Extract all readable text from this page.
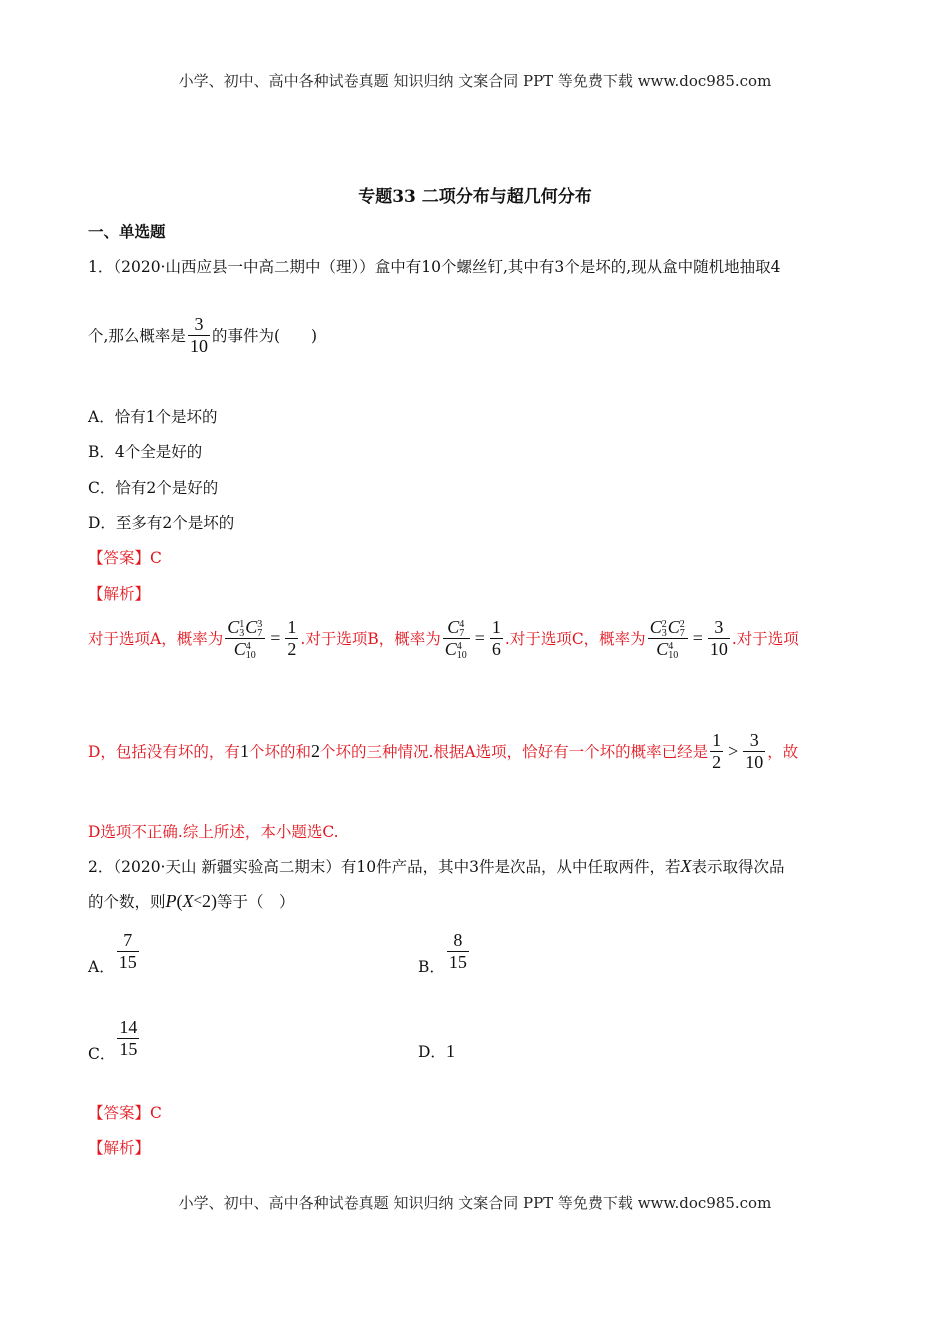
小学、初中、高中各种试卷真题 知识归纳 文案合同 PPT 等免费下载 www.doc985.com
小学、初中、高中各种试卷真题 知识归纳 文案合同 PPT 等免费下载 www.doc985.com
专题33 二项分布与超几何分布
一、单选题
1．（2020·山西应县一中高二期中（理））盒中有10个螺丝钉,其中有3个是坏的,现从盒中随机地抽取4
个,那么概率是 $\frac{3}{10}$ 的事件为(　　)
A．恰有1个是坏的
B．4个全是好的
C．恰有2个是好的
D．至多有2个是坏的
【答案】C
【解析】
对于选项A，概率为 C 1
3 C 3
7
C 4
$10 = \frac{1}{2}$ .对于选项B，概率为 C 4
7
C 4
$10 = \frac{1}{6}$ .对于选项C，概率为 C 2
3 C 2
7
C 4
$10 = \frac{3}{10}$ .对于选项
D，包括没有坏的，有 1 个坏的和 2 个坏的三种情况.根据A选项，恰好有一个坏的概率已经是 $\frac{1}{2} > \frac{3}{10}$ ，故
D选项不正确.综上所述，本小题选C.
2．（2020·天山 新疆实验高二期末）有10件产品，其中3件是次品，从中任取两件，若 X 表示取得次品
的个数，则 P ( X < 2 ) 等于（　）
A． $\frac{7}{15}$	B． $\frac{8}{15}$
C． $\frac{14}{15}$	D． 1
【答案】C
【解析】
